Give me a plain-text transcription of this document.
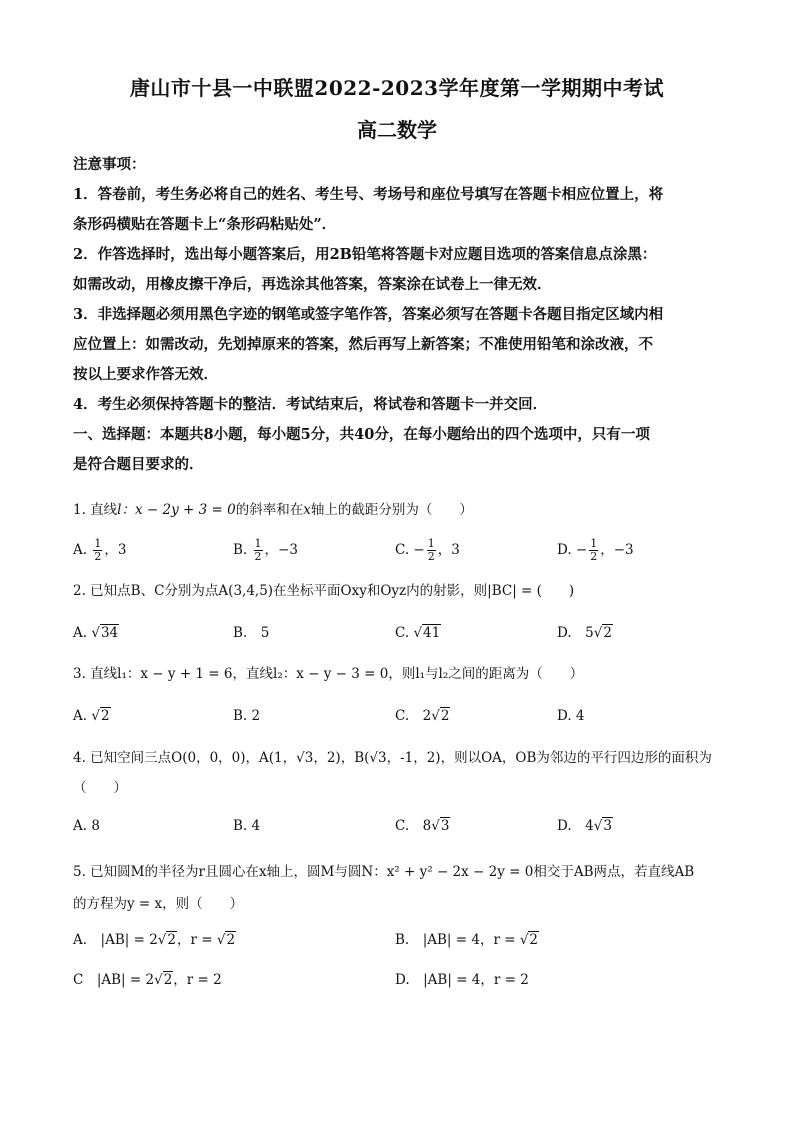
唐山市十县一中联盟2022-2023学年度第一学期期中考试
高二数学
注意事项：
1．答卷前，考生务必将自己的姓名、考生号、考场号和座位号填写在答题卡相应位置上，将
条形码横贴在答题卡上“条形码粘贴处”．
2．作答选择时，选出每小题答案后，用2B铅笔将答题卡对应题目选项的答案信息点涂黑：
如需改动，用橡皮擦干净后，再选涂其他答案，答案涂在试卷上一律无效．
3．非选择题必须用黑色字迹的钢笔或签字笔作答，答案必须写在答题卡各题目指定区域内相
应位置上：如需改动，先划掉原来的答案，然后再写上新答案；不准使用铅笔和涂改液，不
按以上要求作答无效．
4．考生必须保持答题卡的整洁．考试结束后，将试卷和答题卡一并交回．
一、选择题：本题共8小题，每小题5分，共40分，在每小题给出的四个选项中，只有一项
是符合题目要求的．
1. 直线l：x − 2y + 3 = 0的斜率和在x轴上的截距分别为（　　）
A. $\frac{1}{2}$ ，3	B. $\frac{1}{2}$ ，−3	C. − $\frac{1}{2}$ ，3	D. − $\frac{1}{2}$ ，−3
2. 已知点B、C分别为点A(3,4,5)在坐标平面Oxy和Oyz内的射影，则|BC| = (　　)
A. √34	B.　5	C. √41	D.　5√2
3. 直线l₁：x − y + 1 = 6，直线l₂：x − y − 3 = 0，则l₁与l₂之间的距离为（　　）
A. √2	B. 2	C.　2√2	D. 4
4. 已知空间三点O(0，0，0)，A(1，√3，2)，B(√3，-1，2)，则以OA，OB为邻边的平行四边形的面积为
（　　）
A. 8	B. 4	C.　8√3	D.　4√3
5. 已知圆M的半径为r且圆心在x轴上，圆M与圆N：x² + y² − 2x − 2y = 0相交于AB两点，若直线AB
的方程为y = x，则（　　）
A.　|AB| = 2√2，r = √2	B.　|AB| = 4，r = √2
C　|AB| = 2√2，r = 2	D.　|AB| = 4，r = 2
